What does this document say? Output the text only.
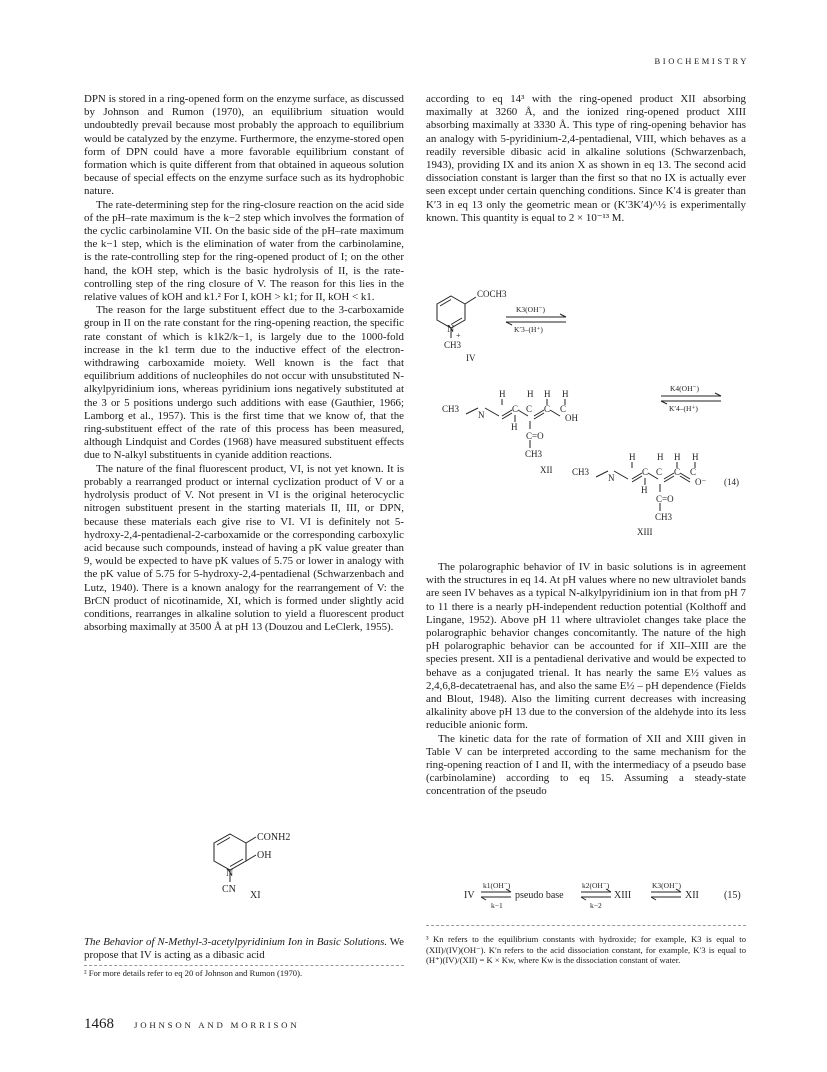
BIOCHEMISTRY

DPN is stored in a ring-opened form on the enzyme surface, as discussed by Johnson and Rumon (1970), an equilibrium situation would undoubtedly prevail because most probably the approach to equilibrium would be catalyzed by the enzyme. Furthermore, the enzyme-stored open form of DPN could have a more favorable equilibrium constant of formation which is quite different from that obtained in aqueous solution because of special effects on the enzyme surface such as its hydrophobic nature.

The rate-determining step for the ring-closure reaction on the acid side of the pH–rate maximum is the k−2 step which involves the formation of the cyclic carbinolamine VII. On the basic side of the pH–rate maximum the k−1 step, which is the elimination of water from the carbinolamine, is the rate-controlling step for the ring-opened product of I; on the other hand, the kOH step, which is the basic hydrolysis of II, is the rate-controlling step of the ring closure of V. The reason for this lies in the relative values of kOH and k1.² For I, kOH > k1; for II, kOH < k1.

The reason for the large substituent effect due to the 3-carboxamide group in II on the rate constant for the ring-opening reaction, the specific rate constant of which is k1k2/k−1, is largely due to the 1000-fold increase in the k1 term due to the inductive effect of the electron-withdrawing carboxamide moiety. Well known is the fact that equilibrium additions of nucleophiles do not occur with unsubstituted N-alkylpyridinium ions, whereas pyridinium ions negatively substituted at the 3 or 5 positions undergo such additions with ease (Gauthier, 1966; Lamborg et al., 1957). This is the first time that we know of, that the ring-substituent effect of the rate of this process has been measured, although Lindquist and Cordes (1968) have measured substituent effects due to N-alkyl substituents in cyanide addition reactions.

The nature of the final fluorescent product, VI, is not yet known. It is probably a rearranged product or internal cyclization product of V or a hydrolysis product of V. Not present in VI is the original heterocyclic nitrogen substituent present in the starting materials II, III, or DPN, because these materials each give rise to VI. VI is definitely not 5-hydroxy-2,4-pentadienal-2-carboxamide or the corresponding carboxylic acid because such compounds, instead of having a pK value greater than 9, would be expected to have pK values of 5.75 or lower in analogy with the pK value of 5.75 for 5-hydroxy-2,4-pentadienal (Schwarzenbach and Lutz, 1940). There is a known analogy for the rearrangement of V: the BrCN product of nicotinamide, XI, which is formed under slightly acid conditions, rearranges in alkaline solution to yield a fluorescent product absorbing maximally at 3500 Å at pH 13 (Douzou and LeClerk, 1955).

CONH2
OH
N
CN
XI

The Behavior of N-Methyl-3-acetylpyridinium Ion in Basic Solutions. We propose that IV is acting as a dibasic acid

² For more details refer to eq 20 of Johnson and Rumon (1970).

according to eq 14³ with the ring-opened product XII absorbing maximally at 3260 Å, and the ionized ring-opened product XIII absorbing maximally at 3330 Å. This type of ring-opening behavior has an analogy with 5-pyridinium-2,4-pentadienal, VIII, which behaves as a readily reversible dibasic acid in alkaline solutions (Schwarzenbach, 1943), providing IX and its anion X as shown in eq 13. The second acid dissociation constant is larger than the first so that no IX is actually ever seen except under certain quenching conditions. Since K′4 is greater than K′3 in eq 13 only the geometric mean or (K′3K′4)^½ is experimentally known. This quantity is equal to 2 × 10⁻¹³ M.

COCH3
N
+
CH3
IV
K3(OH⁻)
K′3–(H⁺)
H H H H
CH3
N
C C C C
OH
H
C=O
CH3
XII
K4(OH⁻)
K′4–(H⁺)
H H H H
CH3
N
C C C C
O⁻
H
C=O
CH3
XIII
(14)

The polarographic behavior of IV in basic solutions is in agreement with the structures in eq 14. At pH values where no new ultraviolet bands are seen IV behaves as a typical N-alkylpyridinium ion in that from pH 7 to 11 there is a nearly pH-independent reduction potential (Kolthoff and Lingane, 1952). Above pH 11 where ultraviolet changes take place the polarographic behavior changes concomitantly. The nature of the high pH polarographic behavior can be accounted for if XII–XIII are the species present. XII is a pentadienal derivative and would be expected to behave as a conjugated trienal. It has nearly the same E½ values as 2,4,6,8-decatetraenal has, and also the same E½ – pH dependence (Fields and Blout, 1948). Also the limiting current decreases with increasing alkalinity above pH 13 due to the conversion of the aldehyde into its less reducible anionic form.

The kinetic data for the rate of formation of XII and XIII given in Table V can be interpreted according to the same mechanism for the ring-opening reaction of I and II, with the intermediacy of a pseudo base (carbinolamine) according to eq 15. Assuming a steady-state concentration of the pseudo

IV
k1(OH⁻)
k−1
pseudo base
k2(OH⁻)
k−2
XIII
K3(OH⁻)
XII	(15)
³ Kn refers to the equilibrium constants with hydroxide; for example, K3 is equal to (XII)/(IV)(OH⁻). K′n refers to the acid dissociation constant, for example, K′3 is equal to (H⁺)(IV)/(XII) = K × Kw, where Kw is the dissociation constant of water.
1468 JOHNSON AND MORRISON
